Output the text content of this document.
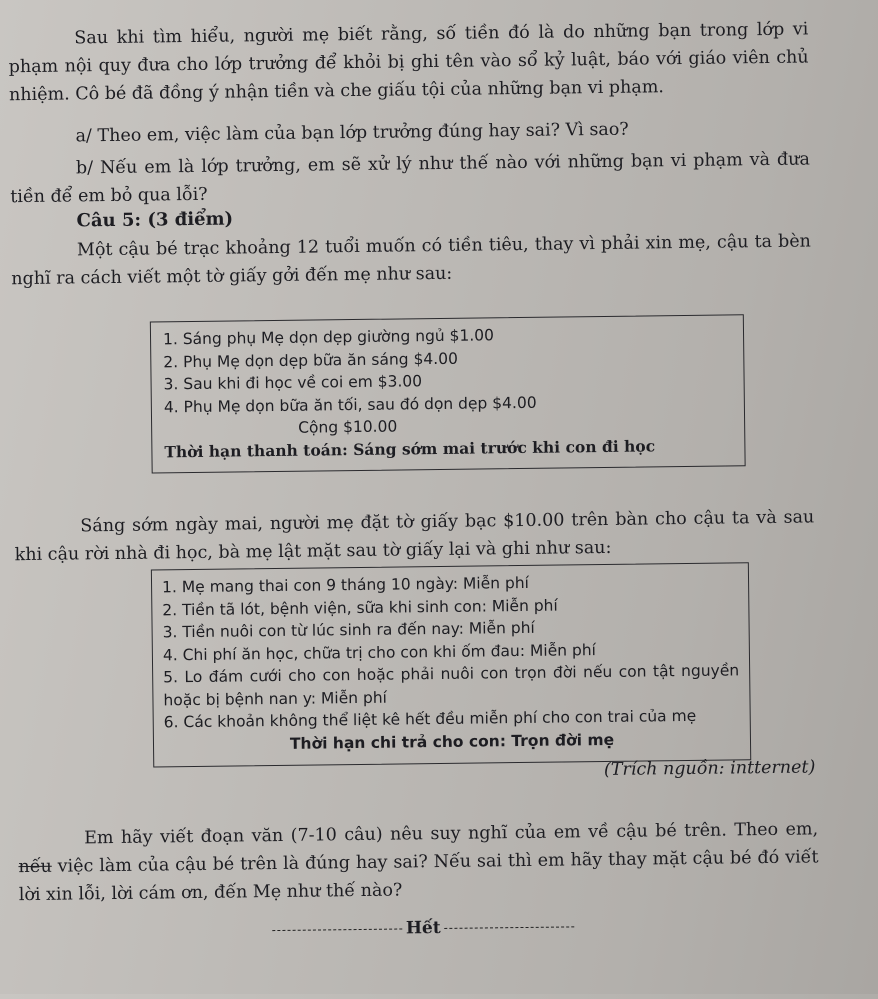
Sau khi tìm hiểu, người mẹ biết rằng, số tiền đó là do những bạn trong lớp vi phạm nội quy đưa cho lớp trưởng để khỏi bị ghi tên vào sổ kỷ luật, báo với giáo viên chủ nhiệm. Cô bé đã đồng ý nhận tiền và che giấu tội của những bạn vi phạm.

a/ Theo em, việc làm của bạn lớp trưởng đúng hay sai? Vì sao?

b/ Nếu em là lớp trưởng, em sẽ xử lý như thế nào với những bạn vi phạm và đưa tiền để em bỏ qua lỗi?

Câu 5: (3 điểm)

Một cậu bé trạc khoảng 12 tuổi muốn có tiền tiêu, thay vì phải xin mẹ, cậu ta bèn nghĩ ra cách viết một tờ giấy gởi đến mẹ như sau:

1. Sáng phụ Mẹ dọn dẹp giường ngủ $1.00
2. Phụ Mẹ dọn dẹp bữa ăn sáng $4.00
3. Sau khi đi học về coi em $3.00
4. Phụ Mẹ dọn bữa ăn tối, sau đó dọn dẹp $4.00
Cộng $10.00
Thời hạn thanh toán: Sáng sớm mai trước khi con đi học

Sáng sớm ngày mai, người mẹ đặt tờ giấy bạc $10.00 trên bàn cho cậu ta và sau khi cậu rời nhà đi học, bà mẹ lật mặt sau tờ giấy lại và ghi như sau:

1. Mẹ mang thai con 9 tháng 10 ngày: Miễn phí
2. Tiền tã lót, bệnh viện, sữa khi sinh con: Miễn phí
3. Tiền nuôi con từ lúc sinh ra đến nay: Miễn phí
4. Chi phí ăn học, chữa trị cho con khi ốm đau: Miễn phí
5. Lo đám cưới cho con hoặc phải nuôi con trọn đời nếu con tật nguyền hoặc bị bệnh nan y: Miễn phí
6. Các khoản không thể liệt kê hết đều miễn phí cho con trai của mẹ
Thời hạn chi trả cho con: Trọn đời mẹ

(Trích nguồn: intternet)

Em hãy viết đoạn văn (7-10 câu) nêu suy nghĩ của em về cậu bé trên. Theo em, nếu việc làm của cậu bé trên là đúng hay sai? Nếu sai thì em hãy thay mặt cậu bé đó viết lời xin lỗi, lời cám ơn, đến Mẹ như thế nào?

Hết
